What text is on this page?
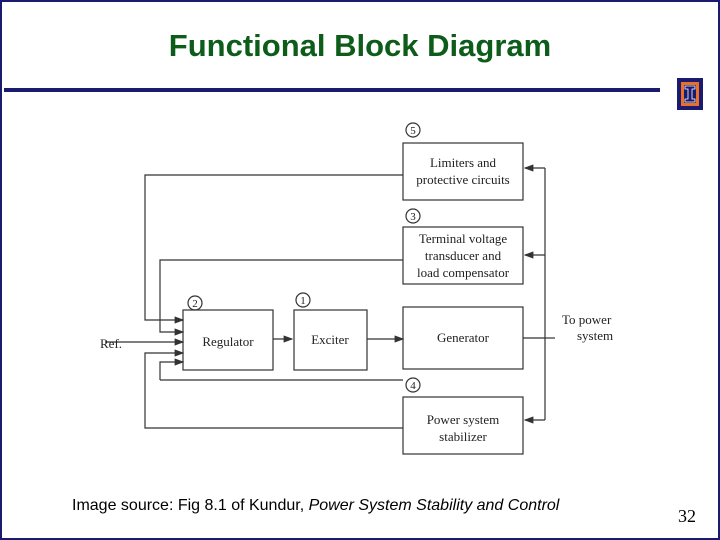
Functional Block Diagram
5
3
2	1
4
Limiters and
protective circuits
Terminal voltage
transducer and
load compensator
Regulator	Exciter	Generator
Power system
stabilizer
Ref.
To power
system
Image source: Fig 8.1 of Kundur, Power System Stability and Control
32
